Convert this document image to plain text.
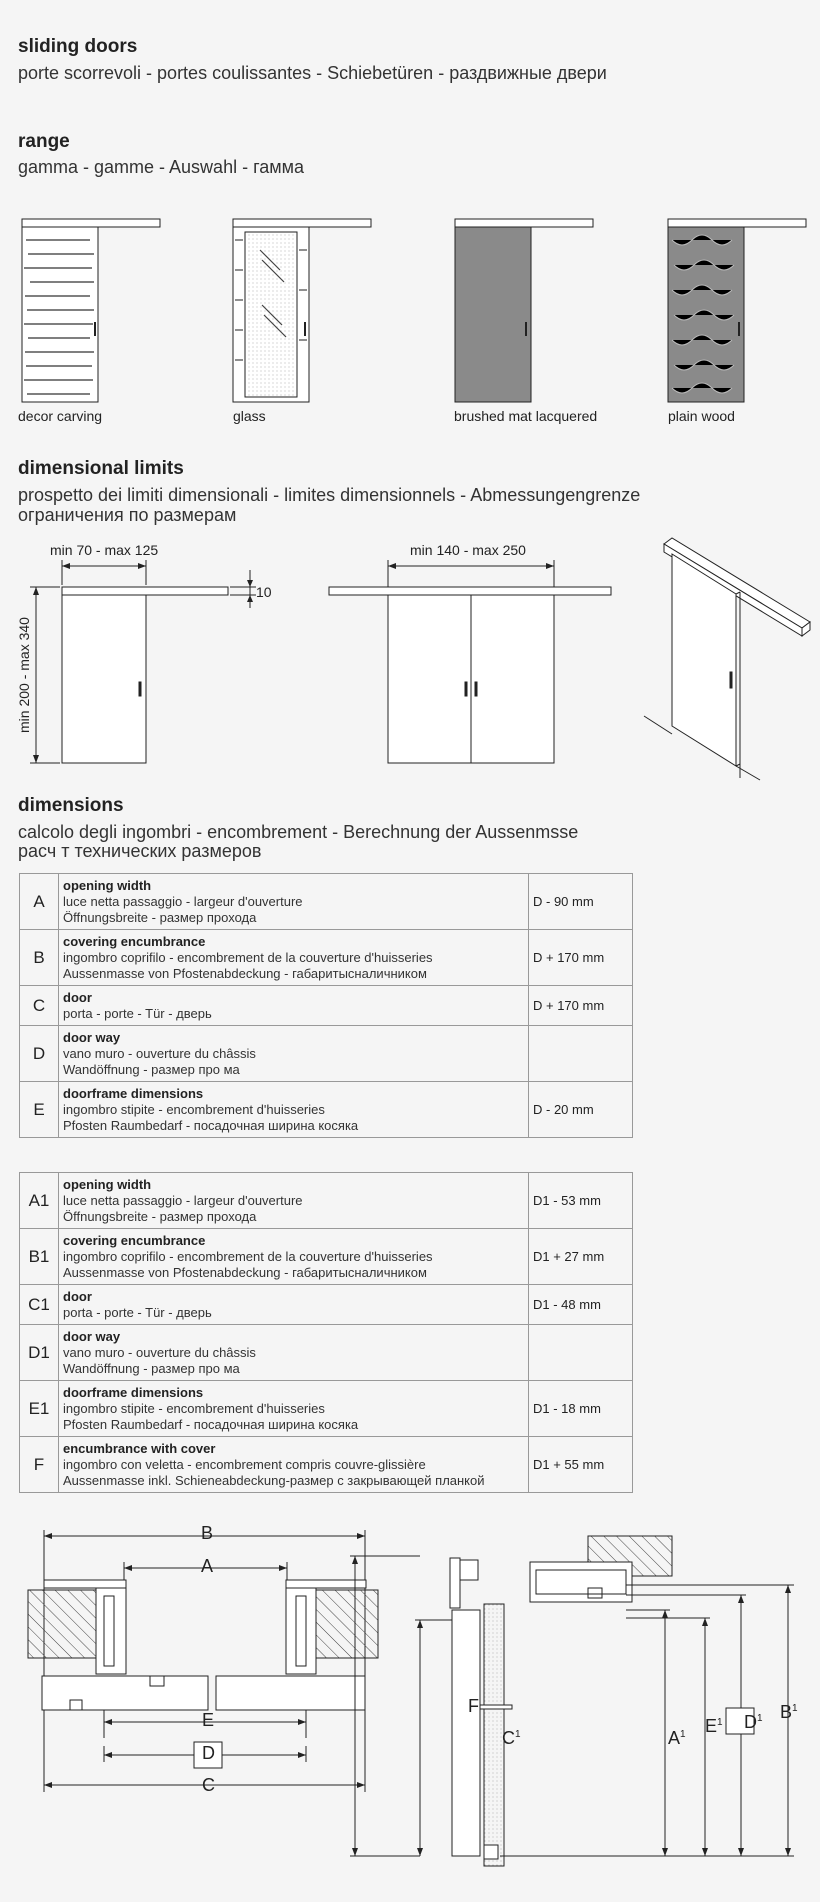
sliding doors
porte scorrevoli - portes coulissantes - Schiebetüren - раздвижные двери
range
gamma - gamme - Auswahl - гамма
decor carving	glass	brushed mat lacquered	plain wood
dimensional limits
prospetto dei limiti dimensionali - limites dimensionnels - Abmessungengrenze
ограничения по размерам
min 70 - max 125	min 140 - max 250
10
min 200 - max 340
dimensions
calcolo degli ingombri - encombrement - Berechnung der Aussenmsse
расч т технических размеров
A	opening width
luce netta passaggio - largeur d'ouverture
Öffnungsbreite - размер прохода	D - 90 mm
B	covering encumbrance
ingombro coprifilo - encombrement de la couverture d'huisseries
Aussenmasse von Pfostenabdeckung - габаритысналичником	D + 170 mm
C	door
porta - porte - Tür - дверь	D + 170 mm
D	door way
vano muro - ouverture du châssis
Wandöffnung - размер про ма	

E	doorframe dimensions
ingombro stipite - encombrement d'huisseries
Pfosten Raumbedarf - посадочная ширина косяка	D - 20 mm
A1	opening width
luce netta passaggio - largeur d'ouverture
Öffnungsbreite - размер прохода	D1 - 53 mm
B1	covering encumbrance
ingombro coprifilo - encombrement de la couverture d'huisseries
Aussenmasse von Pfostenabdeckung - габаритысналичником	D1 + 27 mm
C1	door
porta - porte - Tür - дверь	D1 - 48 mm
D1	door way
vano muro - ouverture du châssis
Wandöffnung - размер про ма	

E1	doorframe dimensions
ingombro stipite - encombrement d'huisseries
Pfosten Raumbedarf - посадочная ширина косяка	D1 - 18 mm
F	encumbrance with cover
ingombro con veletta - encombrement compris couvre-glissière
Aussenmasse inkl. Schieneabdeckung-размер с закрывающей планкой	D1 + 55 mm
B
A
E
D
C
F
$C^1$	$A^1$ $E^1$ $D^1$ $B^1$
